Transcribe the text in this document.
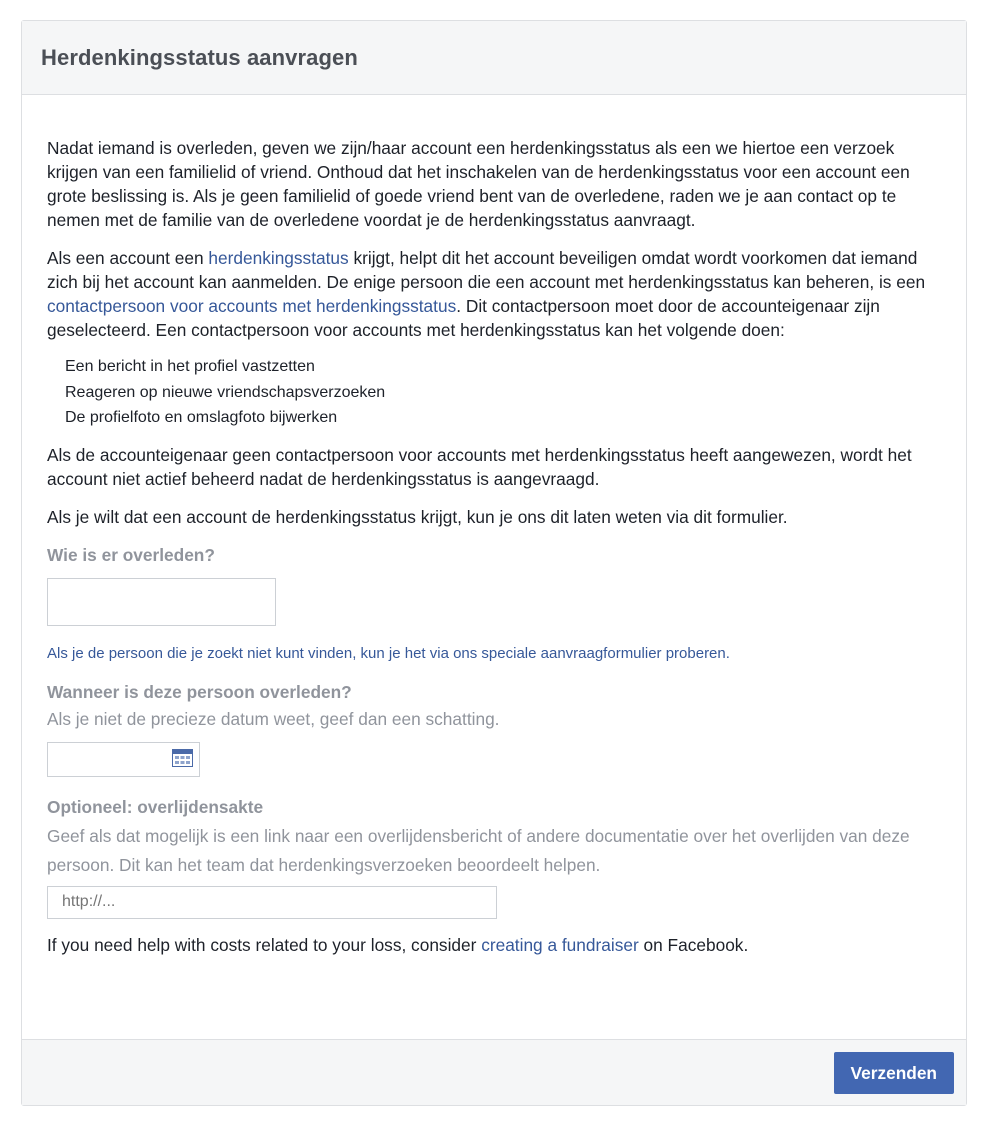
Herdenkingsstatus aanvragen

Nadat iemand is overleden, geven we zijn/haar account een herdenkingsstatus als een we hiertoe een verzoek krijgen van een familielid of vriend. Onthoud dat het inschakelen van de herdenkingsstatus voor een account een grote beslissing is. Als je geen familielid of goede vriend bent van de overledene, raden we je aan contact op te nemen met de familie van de overledene voordat je de herdenkingsstatus aanvraagt.

Als een account een herdenkingsstatus krijgt, helpt dit het account beveiligen omdat wordt voorkomen dat iemand zich bij het account kan aanmelden. De enige persoon die een account met herdenkingsstatus kan beheren, is een contactpersoon voor accounts met herdenkingsstatus. Dit contactpersoon moet door de accounteigenaar zijn geselecteerd. Een contactpersoon voor accounts met herdenkingsstatus kan het volgende doen:

Een bericht in het profiel vastzetten
Reageren op nieuwe vriendschapsverzoeken
De profielfoto en omslagfoto bijwerken

Als de accounteigenaar geen contactpersoon voor accounts met herdenkingsstatus heeft aangewezen, wordt het account niet actief beheerd nadat de herdenkingsstatus is aangevraagd.

Als je wilt dat een account de herdenkingsstatus krijgt, kun je ons dit laten weten via dit formulier.

Wie is er overleden?
Als je de persoon die je zoekt niet kunt vinden, kun je het via ons speciale aanvraagformulier proberen.
Wanneer is deze persoon overleden?
Als je niet de precieze datum weet, geef dan een schatting.
Optioneel: overlijdensakte
Geef als dat mogelijk is een link naar een overlijdensbericht of andere documentatie over het overlijden van deze persoon. Dit kan het team dat herdenkingsverzoeken beoordeelt helpen.
http://...

If you need help with costs related to your loss, consider creating a fundraiser on Facebook.

Verzenden
